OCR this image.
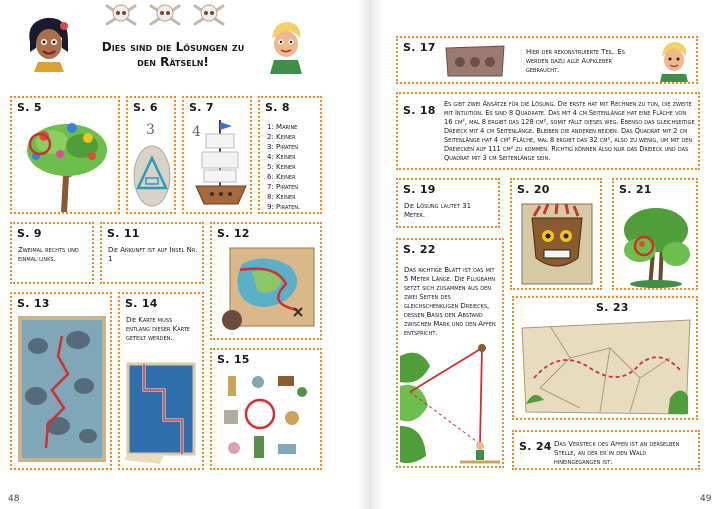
Dies sind die Lösungen zu
den Rätseln!
S. 5	S. 6
3
S. 7
4
S. 8
1: Marine
2: Keiner
3: Piraten
4: Keiner
5: Keiner
6: Keiner
7: Piraten
8: Keiner
9: Piraten.
S. 9
Zweimal rechts und einmal links.
S. 11
Die Ankunft ist auf Insel Nr. 1
S. 12
S. 13	S. 14
Die Karte muss entlang dieser Karte geteilt werden.
S. 15
48
S. 17	Hier der rekonstruierte Teil. Es werden dazu alle Aufkleber gebraucht.
S. 18 Es gibt zwei Ansätze für die Lösung. Die erste hat mit Rechnen zu tun, die zweite mit Intuition. Es sind 8 Quadrate. Das mit 4 cm Seitenlänge hat eine Fläche von 16 cm², mal 8 ergibt das 128 cm², somit fällt dieses weg. Ebenso das gleichseitige Dreieck mit 4 cm Seitenlänge. Bleiben die anderen beiden. Das Quadrat mit 2 cm Seitenlänge hat 4 cm² Fläche, mal 8 ergibt das 32 cm², also zu wenig, um mit den Dreiecken auf 111 cm² zu kommen. Richtig können also nur das Dreieck und das Quadrat mit 3 cm Seitenlänge sein.
S. 19
Die Lösung lautet 31 Meter.
S. 20	S. 21
S. 22
Das richtige Blatt ist das mit 5 Meter Länge. Die Flugbahn setzt sich zusammen aus den zwei Seiten des gleichschenkligen Dreiecks, dessen Basis den Abstand zwischen Mark und den Affen entspricht.
S. 23
S. 24 Das Versteck des Affen ist an derselben Stelle, an der er in den Wald hineingegangen ist.
49
